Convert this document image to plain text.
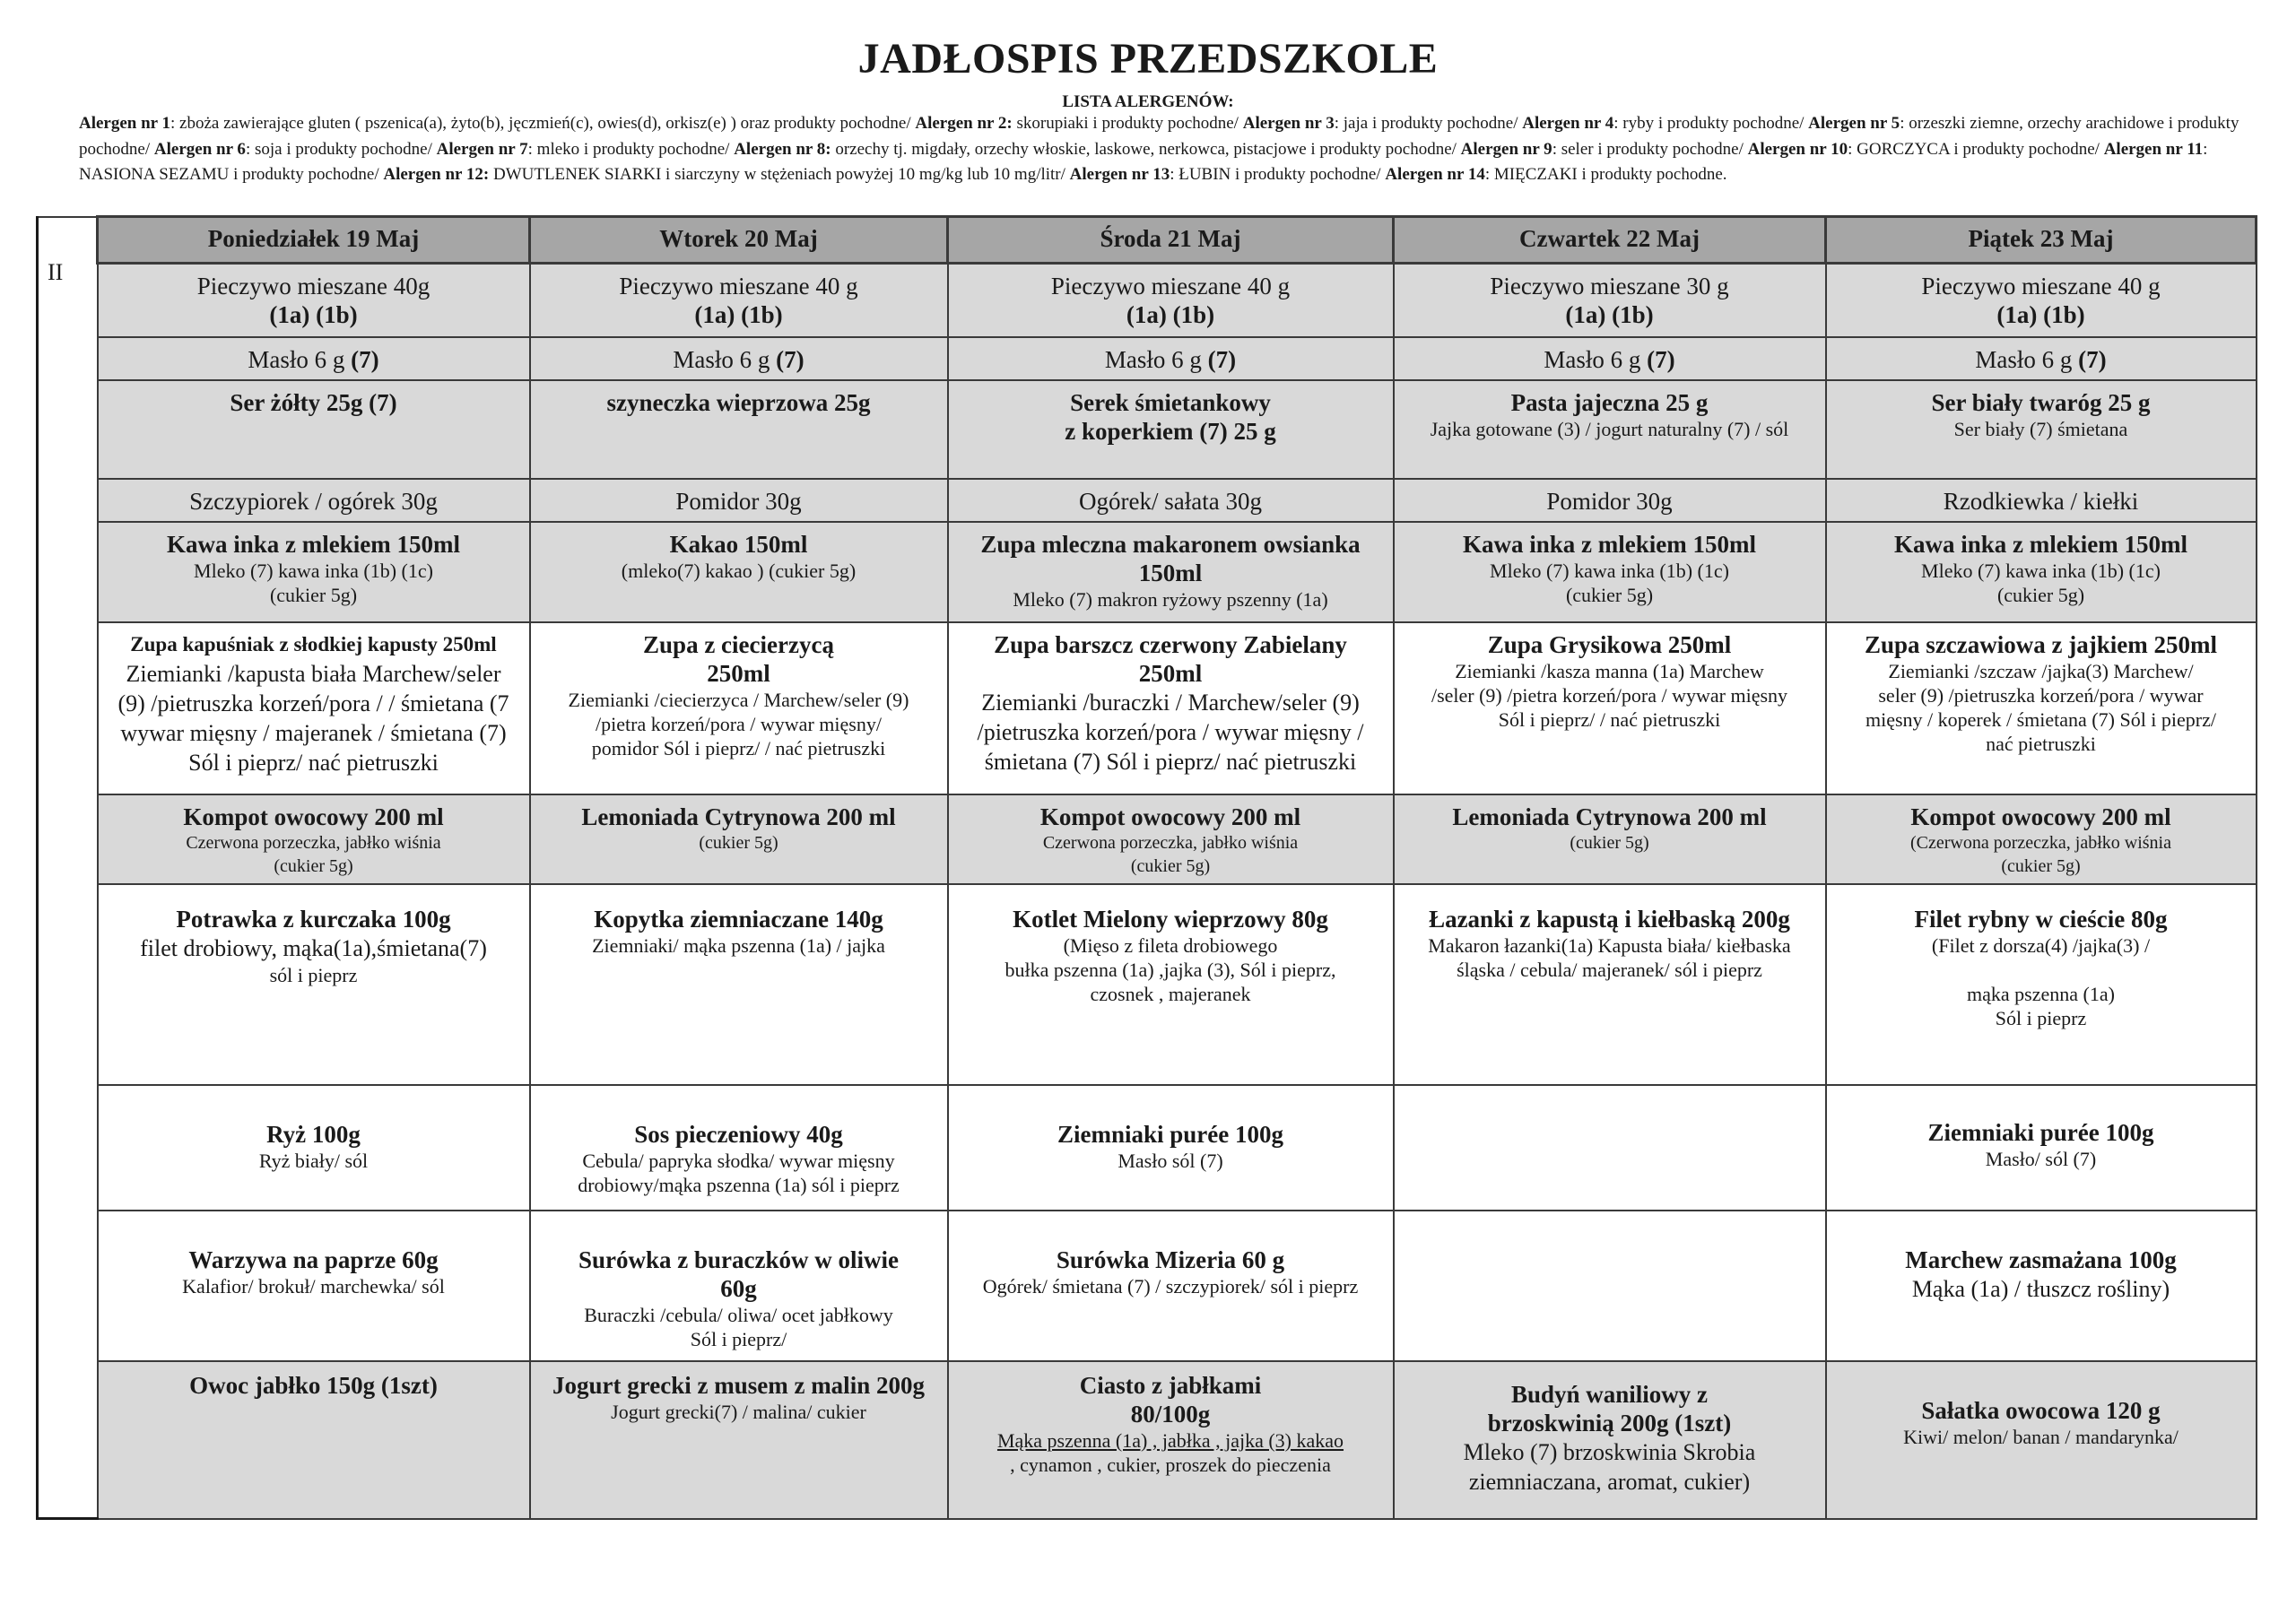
JADŁOSPIS PRZEDSZKOLE
LISTA ALERGENÓW:
Alergen nr 1: zboża zawierające gluten ( pszenica(a), żyto(b), jęczmień(c), owies(d), orkisz(e) ) oraz produkty pochodne/ Alergen nr 2: skorupiaki i produkty pochodne/ Alergen nr 3: jaja i produkty pochodne/ Alergen nr 4: ryby i produkty pochodne/ Alergen nr 5: orzeszki ziemne, orzechy arachidowe i produkty pochodne/ Alergen nr 6: soja i produkty pochodne/ Alergen nr 7: mleko i produkty pochodne/ Alergen nr 8: orzechy tj. migdały, orzechy włoskie, laskowe, nerkowca, pistacjowe i produkty pochodne/ Alergen nr 9: seler i produkty pochodne/ Alergen nr 10: GORCZYCA i produkty pochodne/ Alergen nr 11: NASIONA SEZAMU i produkty pochodne/ Alergen nr 12: DWUTLENEK SIARKI i siarczyny w stężeniach powyżej 10 mg/kg lub 10 mg/litr/ Alergen nr 13: ŁUBIN i produkty pochodne/ Alergen nr 14: MIĘCZAKI i produkty pochodne.
II	Poniedziałek 19 Maj	Wtorek 20 Maj	Środa 21 Maj	Czwartek 22 Maj	Piątek 23 Maj

	Pieczywo mieszane 40g
(1a) (1b)	Pieczywo mieszane 40 g
(1a) (1b)	Pieczywo mieszane 40 g
(1a) (1b)	Pieczywo mieszane 30 g
(1a) (1b)	Pieczywo mieszane 40 g
(1a) (1b)

	Masło 6 g (7)	Masło 6 g (7)	Masło 6 g (7)	Masło 6 g (7)	Masło 6 g (7)

	Ser żółty 25g (7)	szyneczka wieprzowa 25g	Serek śmietankowy
z koperkiem (7) 25 g	Pasta jajeczna 25 g
Jajka gotowane (3) / jogurt naturalny (7) / sól	Ser biały twaróg 25 g
Ser biały (7) śmietana

	Szczypiorek / ogórek 30g	Pomidor 30g	Ogórek/ sałata 30g	Pomidor 30g	Rzodkiewka / kiełki

	Kawa inka z mlekiem 150ml
Mleko (7) kawa inka (1b) (1c)
(cukier 5g)	Kakao 150ml
(mleko(7) kakao ) (cukier 5g)	Zupa mleczna makaronem owsianka
150ml
Mleko (7) makron ryżowy pszenny (1a)	Kawa inka z mlekiem 150ml
Mleko (7) kawa inka (1b) (1c)
(cukier 5g)	Kawa inka z mlekiem 150ml
Mleko (7) kawa inka (1b) (1c)
(cukier 5g)

	Zupa kapuśniak z słodkiej kapusty 250ml
Ziemianki /kapusta biała Marchew/seler
(9) /pietruszka korzeń/pora / / śmietana (7
wywar mięsny / majeranek / śmietana (7)
Sól i pieprz/ nać pietruszki	Zupa z ciecierzycą
250ml
Ziemianki /ciecierzyca / Marchew/seler (9)
/pietra korzeń/pora / wywar mięsny/
pomidor Sól i pieprz/ / nać pietruszki	Zupa barszcz czerwony Zabielany
250ml
Ziemianki /buraczki / Marchew/seler (9)
/pietruszka korzeń/pora / wywar mięsny /
śmietana (7) Sól i pieprz/ nać pietruszki	Zupa Grysikowa 250ml
Ziemianki /kasza manna (1a) Marchew
/seler (9) /pietra korzeń/pora / wywar mięsny
Sól i pieprz/ / nać pietruszki	Zupa szczawiowa z jajkiem 250ml
Ziemianki /szczaw /jajka(3) Marchew/
seler (9) /pietruszka korzeń/pora / wywar
mięsny / koperek / śmietana (7) Sól i pieprz/
nać pietruszki

	Kompot owocowy 200 ml
Czerwona porzeczka, jabłko wiśnia
(cukier 5g)	Lemoniada Cytrynowa 200 ml
(cukier 5g)	Kompot owocowy 200 ml
Czerwona porzeczka, jabłko wiśnia
(cukier 5g)	Lemoniada Cytrynowa 200 ml
(cukier 5g)	Kompot owocowy 200 ml
(Czerwona porzeczka, jabłko wiśnia
(cukier 5g)

	Potrawka z kurczaka 100g
filet drobiowy, mąka(1a),śmietana(7)
sól i pieprz	Kopytka ziemniaczane 140g
Ziemniaki/ mąka pszenna (1a) / jajka	Kotlet Mielony wieprzowy 80g
(Mięso z fileta drobiowego
bułka pszenna (1a) ,jajka (3), Sól i pieprz,
czosnek , majeranek	Łazanki z kapustą i kiełbaską 200g
Makaron łazanki(1a) Kapusta biała/ kiełbaska
śląska / cebula/ majeranek/ sól i pieprz	Filet rybny w cieście 80g
(Filet z dorsza(4) /jajka(3) /
mąka pszenna (1a)
Sól i pieprz

	Ryż 100g
Ryż biały/ sól	Sos pieczeniowy 40g
Cebula/ papryka słodka/ wywar mięsny
drobiowy/mąka pszenna (1a) sól i pieprz	Ziemniaki purée 100g
Masło sól (7)		Ziemniaki purée 100g
Masło/ sól (7)

	Warzywa na paprze 60g
Kalafior/ brokuł/ marchewka/ sól	Surówka z buraczków w oliwie
60g
Buraczki /cebula/ oliwa/ ocet jabłkowy
Sól i pieprz/	Surówka Mizeria 60 g
Ogórek/ śmietana (7) / szczypiorek/ sól i pieprz		Marchew zasmażana 100g
Mąka (1a) / tłuszcz roślinу)

	Owoc jabłko 150g (1szt)	Jogurt grecki z musem z malin 200g
Jogurt grecki(7) / malina/ cukier	Ciasto z jabłkami
80/100g
Mąka pszenna (1a) , jabłka , jajka (3) kakao
, cynamon , cukier, proszek do pieczenia	Budyń waniliowy z
brzoskwinią 200g (1szt)
Mleko (7) brzoskwinia Skrobia
ziemniaczana, aromat, cukier)	Sałatka owocowa 120 g
Kiwi/ melon/ banan / mandarynka/
